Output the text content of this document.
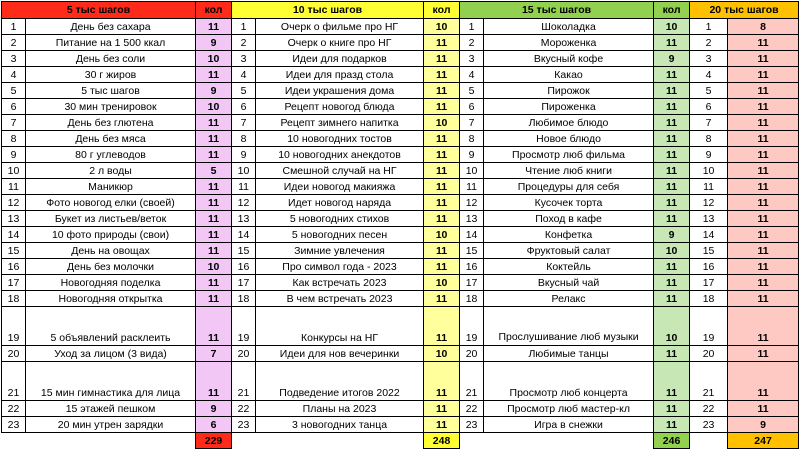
5 тыс шагов		кол	10 тыс шагов		кол	15 тыс шагов		кол	20 тыс шагов	
1	День без сахара	11	1	Очерк о фильме про НГ	10	1	Шоколадка	10	1	8
2	Питание на 1 500 ккал	9	2	Очерк о книге про НГ	11	2	Мороженка	11	2	11
3	День без соли	10	3	Идеи для подарков	11	3	Вкусный кофе	9	3	11
4	30 г жиров	11	4	Идеи для празд стола	11	4	Какао	11	4	11
5	5 тыс шагов	9	5	Идеи украшения дома	11	5	Пирожок	11	5	11
6	30 мин тренировок	10	6	Рецепт новогод блюда	11	6	Пироженка	11	6	11
7	День без глютена	11	7	Рецепт зимнего напитка	10	7	Любимое блюдо	11	7	11
8	День без мяса	11	8	10 новогодних тостов	11	8	Новое блюдо	11	8	11
9	80 г углеводов	11	9	10 новогодних анекдотов	11	9	Просмотр люб фильма	11	9	11
10	2 л воды	5	10	Смешной случай на НГ	11	10	Чтение люб книги	11	10	11
11	Маникюр	11	11	Идеи новогод макияжа	11	11	Процедуры для себя	11	11	11
12	Фото новогод елки (своей)	11	12	Идет новогод наряда	11	12	Кусочек торта	11	12	11
13	Букет из листьев/веток	11	13	5 новогодних стихов	11	13	Поход в кафе	11	13	11
14	10 фото природы (свои)	11	14	5 новогодних песен	10	14	Конфетка	9	14	11
15	День на овощах	11	15	Зимние увлечения	11	15	Фруктовый салат	10	15	11
16	День без молочки	10	16	Про символ года - 2023	11	16	Коктейль	11	16	11
17	Новогодняя поделка	11	17	Как встречать 2023	10	17	Вкусный чай	11	17	11
18	Новогодняя открытка	11	18	В чем встречать 2023	11	18	Релакс	11	18	11
19	5 объявлений расклеить	11	19	Конкурсы на НГ	11	19	Прослушивание люб музыки	10	19	11
20	Уход за лицом (3 вида)	7	20	Идеи для нов вечеринки	10	20	Любимые танцы	11	20	11
21	15 мин гимнастика для лица	11	21	Подведение итогов 2022	11	21	Просмотр люб концерта	11	21	11
22	15 этажей пешком	9	22	Планы на 2023	11	22	Просмотр люб мастер-кл	11	22	11
23	20 мин утрен зарядки	6	23	3 новогодних танца	11	23	Игра в снежки	11	23	9
		229			248			246		247
